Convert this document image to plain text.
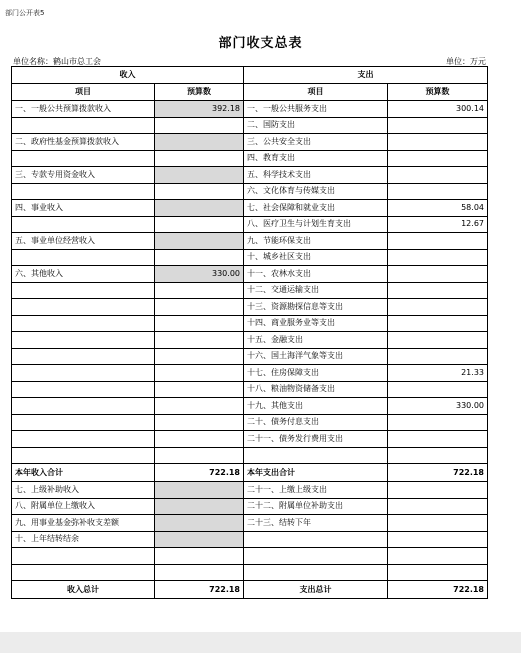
部门公开表5
部门收支总表
单位名称：鹤山市总工会	单位：万元
收入		支出	
项目	预算数	项目	预算数
一、一般公共预算拨款收入	392.18	一、一般公共服务支出	300.14
		二、国防支出	
二、政府性基金预算拨款收入		三、公共安全支出	
		四、教育支出	
三、专款专用资金收入		五、科学技术支出	
		六、文化体育与传媒支出	
四、事业收入		七、社会保障和就业支出	58.04
		八、医疗卫生与计划生育支出	12.67
五、事业单位经营收入		九、节能环保支出	
		十、城乡社区支出	
六、其他收入	330.00	十一、农林水支出	
		十二、交通运输支出	
		十三、资源勘探信息等支出	
		十四、商业服务业等支出	
		十五、金融支出	
		十六、国土海洋气象等支出	
		十七、住房保障支出	21.33
		十八、粮油物资储备支出	
		十九、其他支出	330.00
		二十、债务付息支出	
		二十一、债务发行费用支出	

本年收入合计	722.18	本年支出合计	722.18
七、上级补助收入		二十一、上缴上级支出	
八、附属单位上缴收入		二十二、附属单位补助支出	
九、用事业基金弥补收支差额		二十三、结转下年	
十、上年结转结余			

收入总计	722.18	支出总计	722.18
